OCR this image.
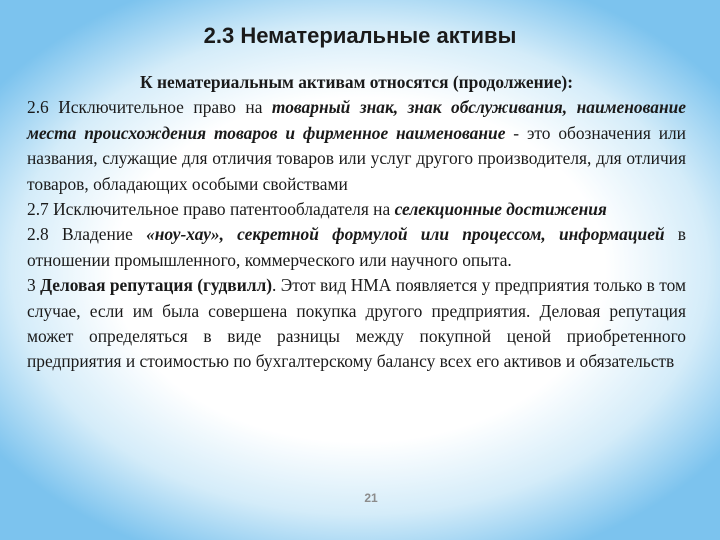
2.3 Нематериальные активы

К нематериальным активам относятся (продолжение):

2.6 Исключительное право на товарный знак, знак обслуживания, наименование места происхождения товаров и фирменное наименование - это обозначения или названия, служащие для отличия товаров или услуг другого производителя, для отличия товаров, обладающих особыми свойствами

2.7 Исключительное право патентообладателя на селекционные достижения

2.8 Владение «ноу-хау», секретной формулой или процессом, информацией в отношении промышленного, коммерческого или научного опыта.

3 Деловая репутация (гудвилл). Этот вид НМА появляется у предприятия только в том случае, если им была совершена покупка другого предприятия. Деловая репутация может определяться в виде разницы между покупной ценой приобретенного предприятия и стоимостью по бухгалтерскому балансу всех его активов и обязательств

21
